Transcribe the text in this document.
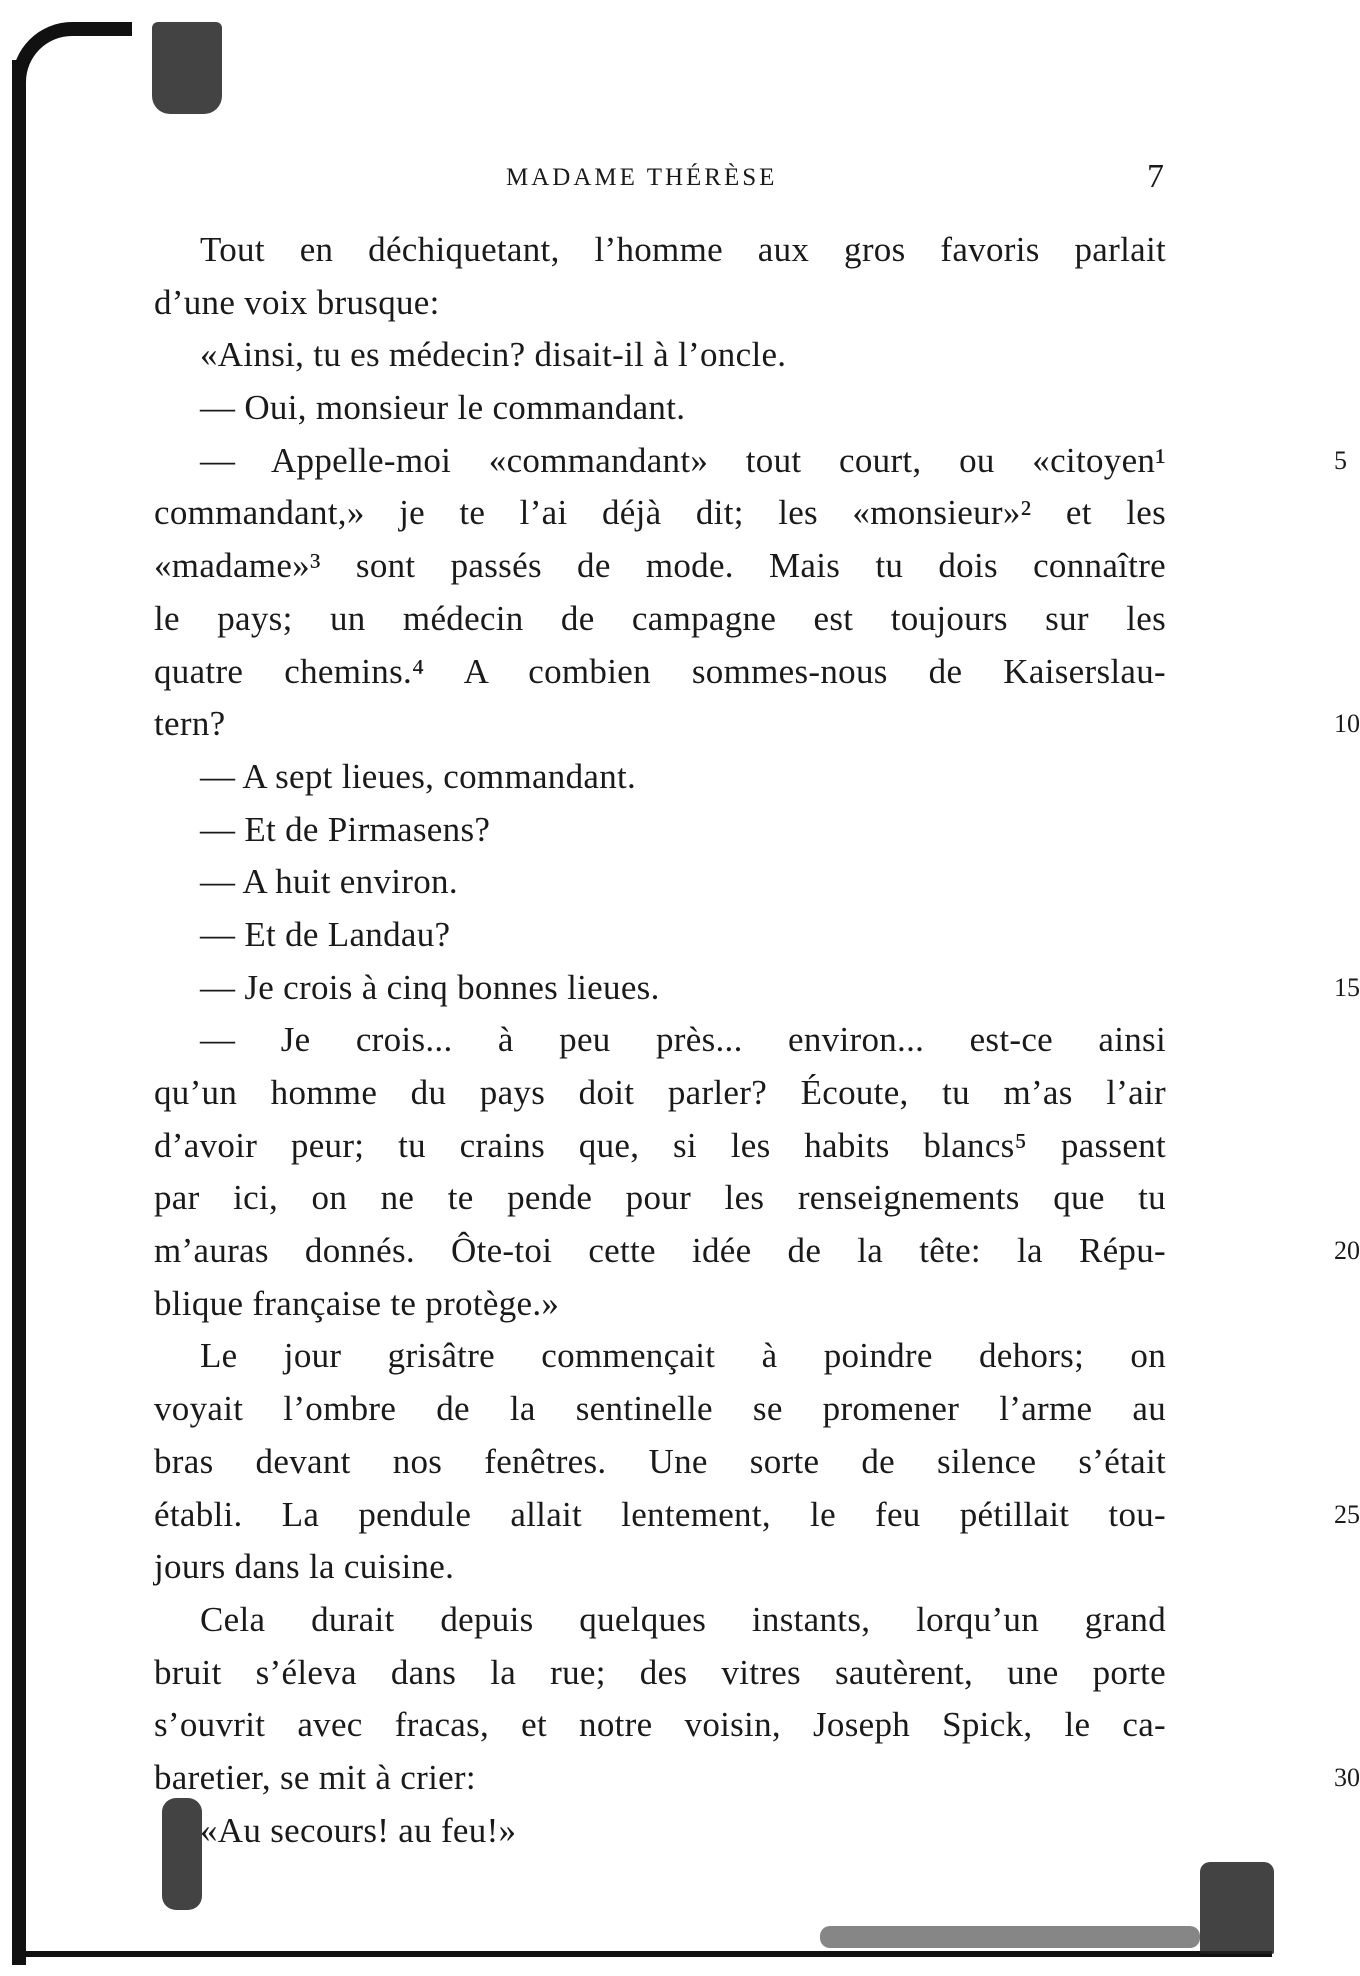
MADAME THÉRÈSE	7
Tout en déchiquetant, l’homme aux gros favoris parlait
d’une voix brusque:
«Ainsi, tu es médecin? disait-il à l’oncle.
— Oui, monsieur le commandant.
— Appelle-moi «commandant» tout court, ou «citoyen¹
commandant,» je te l’ai déjà dit; les «monsieur»² et les
«madame»³ sont passés de mode. Mais tu dois connaître
le pays; un médecin de campagne est toujours sur les
quatre chemins.⁴ A combien sommes-nous de Kaiserslau-
tern?
— A sept lieues, commandant.
— Et de Pirmasens?
— A huit environ.
— Et de Landau?
— Je crois à cinq bonnes lieues.
— Je crois... à peu près... environ... est-ce ainsi
qu’un homme du pays doit parler? Écoute, tu m’as l’air
d’avoir peur; tu crains que, si les habits blancs⁵ passent
par ici, on ne te pende pour les renseignements que tu
m’auras donnés. Ôte-toi cette idée de la tête: la Répu-
blique française te protège.»
Le jour grisâtre commençait à poindre dehors; on
voyait l’ombre de la sentinelle se promener l’arme au
bras devant nos fenêtres. Une sorte de silence s’était
établi. La pendule allait lentement, le feu pétillait tou-
jours dans la cuisine.
Cela durait depuis quelques instants, lorqu’un grand
bruit s’éleva dans la rue; des vitres sautèrent, une porte
s’ouvrit avec fracas, et notre voisin, Joseph Spick, le ca-
baretier, se mit à crier:
«Au secours! au feu!»
5
10
15
20
25
30
